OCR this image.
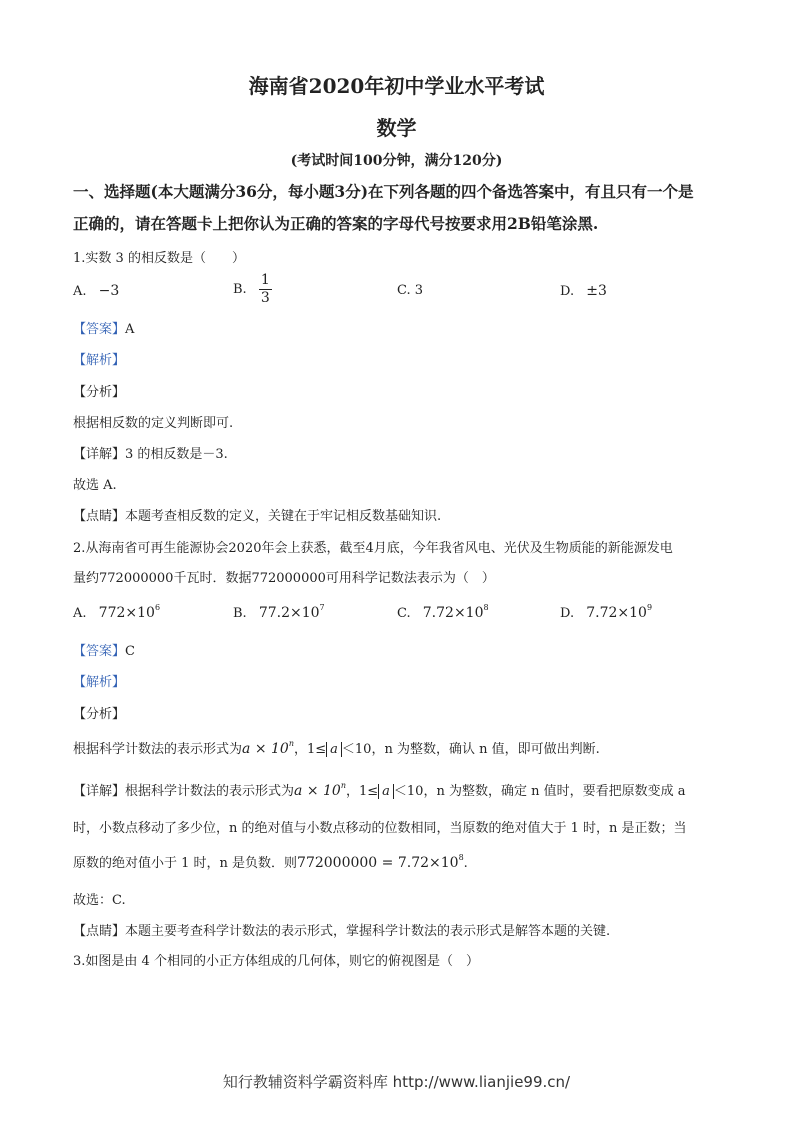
海南省2020年初中学业水平考试
数学
(考试时间100分钟，满分120分)
一、选择题(本大题满分36分，每小题3分)在下列各题的四个备选答案中，有且只有一个是
正确的，请在答题卡上把你认为正确的答案的字母代号按要求用2B铅笔涂黑.
1.实数 3 的相反数是（　　）
A. −3	B. $\frac{1}{3}$	C. 3	D. ±3
【答案】A
【解析】
【分析】
根据相反数的定义判断即可.
【详解】3 的相反数是－3.
故选 A.
【点睛】本题考查相反数的定义，关键在于牢记相反数基础知识.
2.从海南省可再生能源协会2020年会上获悉，截至4月底，今年我省风电、光伏及生物质能的新能源发电
量约772000000千瓦时．数据772000000可用科学记数法表示为（　）
A. $772\times 10^6$	B. $77.2\times 10^7$	C. $7.72\times 10^8$	D. $7.72\times 10^9$
【答案】C
【解析】
【分析】
根据科学计数法的表示形式为$a \times 10^n$，1≤ a ＜10，n 为整数，确认 n 值，即可做出判断.
【详解】根据科学计数法的表示形式为$a \times 10^n$，1≤ a ＜10，n 为整数，确定 n 值时，要看把原数变成 a
时，小数点移动了多少位，n 的绝对值与小数点移动的位数相同，当原数的绝对值大于 1 时，n 是正数；当
原数的绝对值小于 1 时，n 是负数．则$772000000 = 7.72\times 10^8$.
故选：C.
【点睛】本题主要考查科学计数法的表示形式，掌握科学计数法的表示形式是解答本题的关键.
3.如图是由 4 个相同的小正方体组成的几何体，则它的俯视图是（　）
知行教辅资料学霸资料库 http://www.lianjie99.cn/
